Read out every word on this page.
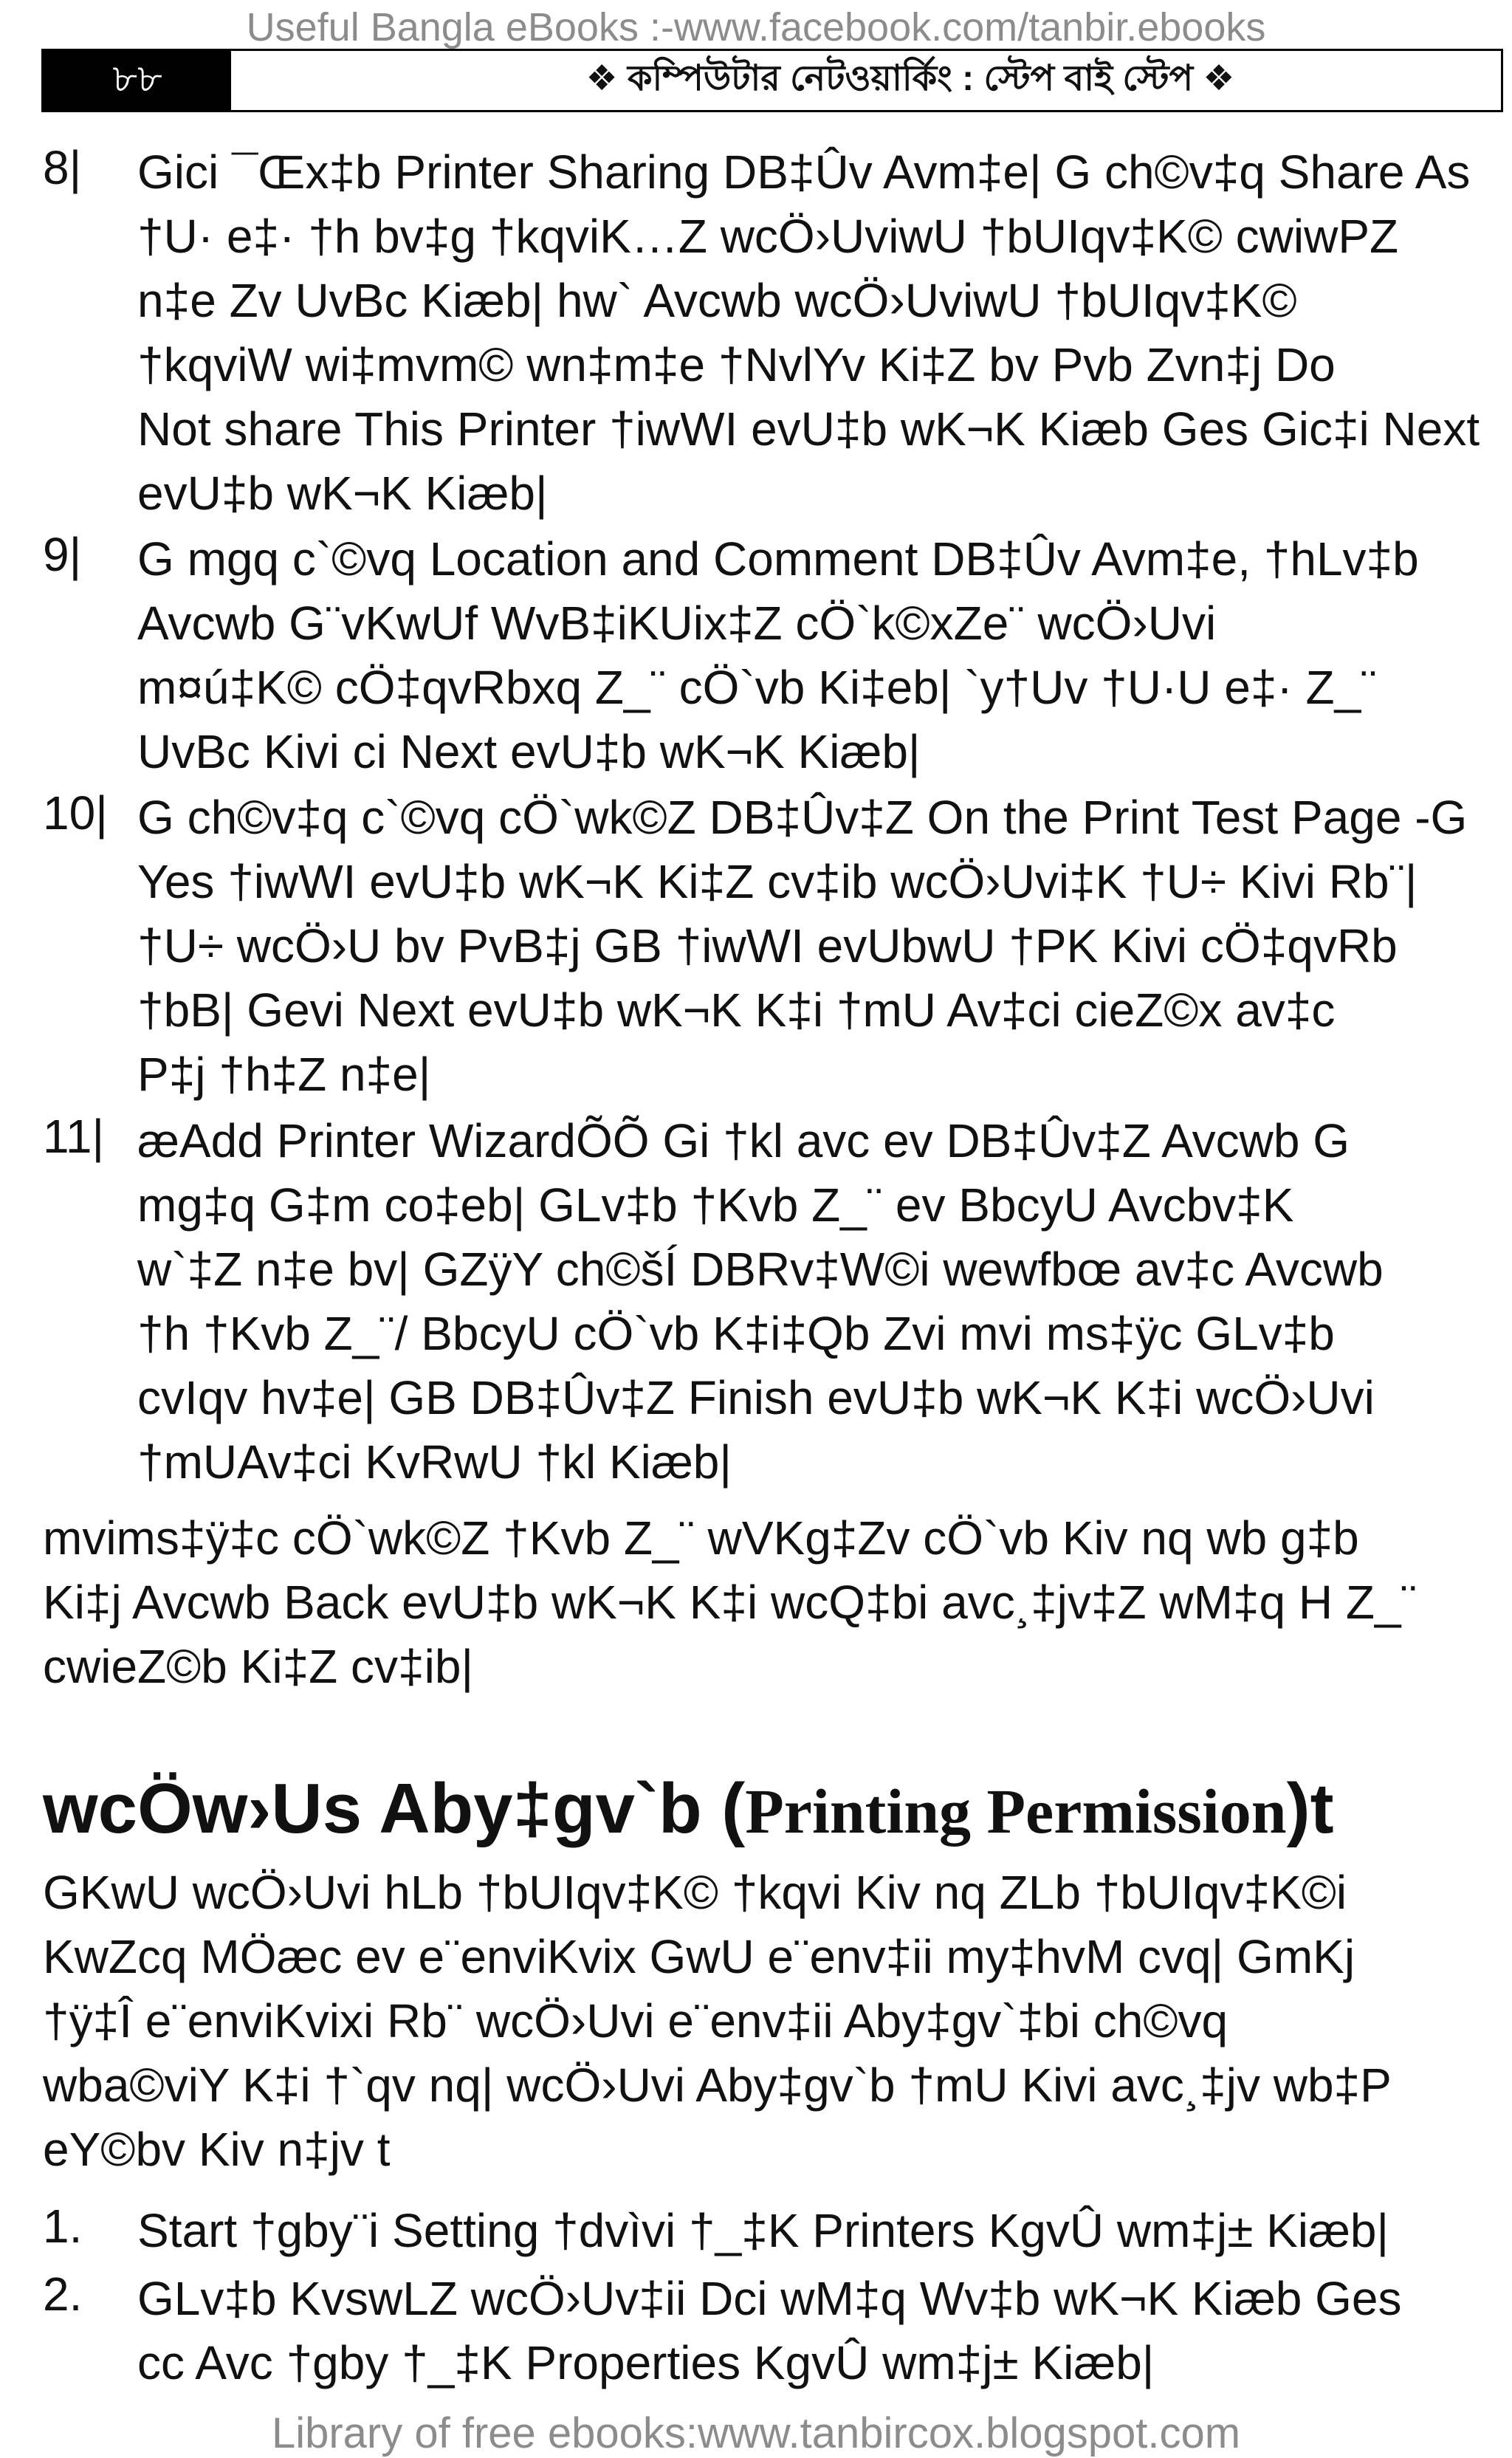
Useful Bangla eBooks :-www.facebook.com/tanbir.ebooks
৮৮	❖ কম্পিউটার নেটওয়ার্কিং : স্টেপ বাই স্টেপ ❖
8|	Gici ¯Œx‡b Printer Sharing DB‡Ûv Avm‡e| G ch©v‡q Share As
†U· e‡· †h bv‡g †kqviK…Z wcÖ›UviwU †bUIqv‡K© cwiwPZ
n‡e Zv UvBc Kiæb| hw` Avcwb wcÖ›UviwU †bUIqv‡K©
†kqviW wi‡mvm© wn‡m‡e †NvlYv Ki‡Z bv Pvb Zvn‡j Do
Not share This Printer †iwWI evU‡b wK¬K Kiæb Ges Gic‡i Next
evU‡b wK¬K Kiæb|
9|	G mgq c`©vq Location and Comment DB‡Ûv Avm‡e, †hLv‡b
Avcwb G¨vKwUf WvB‡iKUix‡Z cÖ`k©xZe¨ wcÖ›Uvi
m¤ú‡K© cÖ‡qvRbxq Z_¨ cÖ`vb Ki‡eb| `y†Uv †U·U e‡· Z_¨
UvBc Kivi ci Next evU‡b wK¬K Kiæb|
10| G ch©v‡q c`©vq cÖ`wk©Z DB‡Ûv‡Z On the Print Test Page -G
Yes †iwWI evU‡b wK¬K Ki‡Z cv‡ib wcÖ›Uvi‡K †U÷ Kivi Rb¨|
†U÷ wcÖ›U bv PvB‡j GB †iwWI evUbwU †PK Kivi cÖ‡qvRb
†bB| Gevi Next evU‡b wK¬K K‡i †mU Av‡ci cieZ©x av‡c
P‡j †h‡Z n‡e|
11| æAdd Printer WizardÕÕ Gi †kl avc ev DB‡Ûv‡Z Avcwb G
mg‡q G‡m co‡eb| GLv‡b †Kvb Z_¨ ev BbcyU Avcbv‡K
w`‡Z n‡e bv| GZÿY ch©šÍ DBRv‡W©i wewfbœ av‡c Avcwb
†h †Kvb Z_¨/ BbcyU cÖ`vb K‡i‡Qb Zvi mvi ms‡ÿc GLv‡b
cvIqv hv‡e| GB DB‡Ûv‡Z Finish evU‡b wK¬K K‡i wcÖ›Uvi
†mUAv‡ci KvRwU †kl Kiæb|
mvims‡ÿ‡c cÖ`wk©Z †Kvb Z_¨ wVKg‡Zv cÖ`vb Kiv nq wb g‡b
Ki‡j Avcwb Back evU‡b wK¬K K‡i wcQ‡bi avc¸‡jv‡Z wM‡q H Z_¨
cwieZ©b Ki‡Z cv‡ib|
wcÖw›Us Aby‡gv`b (Printing Permission)t
GKwU wcÖ›Uvi hLb †bUIqv‡K© †kqvi Kiv nq ZLb †bUIqv‡K©i
KwZcq MÖæc ev e¨enviKvix GwU e¨env‡ii my‡hvM cvq| GmKj
†ÿ‡Î e¨enviKvixi Rb¨ wcÖ›Uvi e¨env‡ii Aby‡gv`‡bi ch©vq
wba©viY K‡i †`qv nq| wcÖ›Uvi Aby‡gv`b †mU Kivi avc¸‡jv wb‡P
eY©bv Kiv n‡jv t
1.	Start †gby¨i Setting †dvìvi †_‡K Printers KgvÛ wm‡j± Kiæb|
2.	GLv‡b KvswLZ wcÖ›Uv‡ii Dci wM‡q Wv‡b wK¬K Kiæb Ges
cc Avc †gby †_‡K Properties KgvÛ wm‡j± Kiæb|
Library of free ebooks:www.tanbircox.blogspot.com
